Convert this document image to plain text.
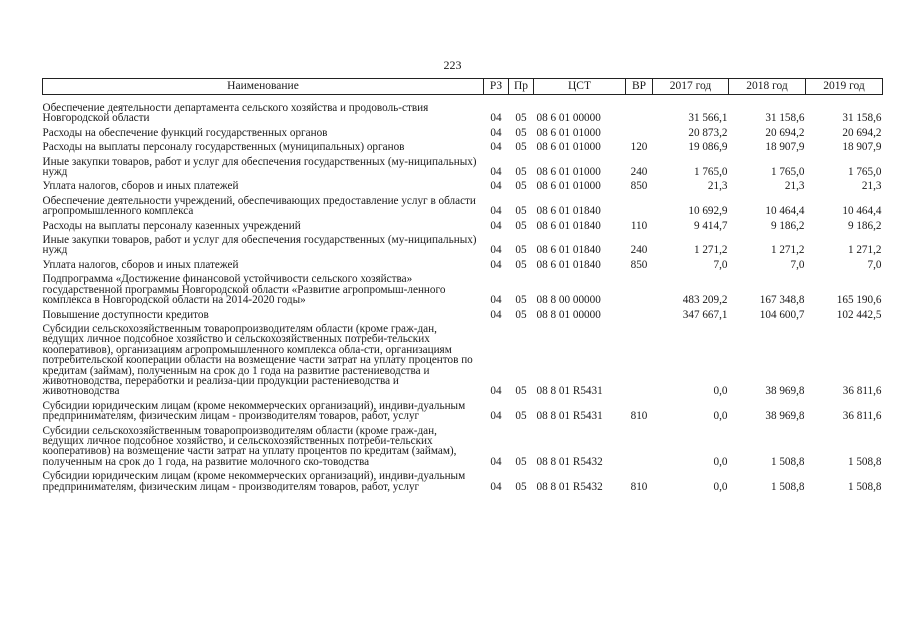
223
Наименование	РЗ	Пр	ЦСТ	ВР	2017 год	2018 год	2019 год
Обеспечение деятельности департамента сельского хозяйства и продоволь-ствия Новгородской области	04	05	08 6 01 00000		31 566,1	31 158,6	31 158,6
Расходы на обеспечение функций государственных органов	04	05	08 6 01 01000		20 873,2	20 694,2	20 694,2
Расходы на выплаты персоналу государственных (муниципальных) органов	04	05	08 6 01 01000	120	19 086,9	18 907,9	18 907,9
Иные закупки товаров, работ и услуг для обеспечения государственных (му-ниципальных) нужд	04	05	08 6 01 01000	240	1 765,0	1 765,0	1 765,0
Уплата налогов, сборов и иных платежей	04	05	08 6 01 01000	850	21,3	21,3	21,3
Обеспечение деятельности учреждений, обеспечивающих предоставление услуг в области агропромышленного комплекса	04	05	08 6 01 01840		10 692,9	10 464,4	10 464,4
Расходы на выплаты персоналу казенных учреждений	04	05	08 6 01 01840	110	9 414,7	9 186,2	9 186,2
Иные закупки товаров, работ и услуг для обеспечения государственных (му-ниципальных) нужд	04	05	08 6 01 01840	240	1 271,2	1 271,2	1 271,2
Уплата налогов, сборов и иных платежей	04	05	08 6 01 01840	850	7,0	7,0	7,0
Подпрограмма «Достижение финансовой устойчивости сельского хозяйства» государственной программы Новгородской области «Развитие агропромыш-ленного комплекса в Новгородской области на 2014-2020 годы»	04	05	08 8 00 00000		483 209,2	167 348,8	165 190,6
Повышение доступности кредитов	04	05	08 8 01 00000		347 667,1	104 600,7	102 442,5
Субсидии сельскохозяйственным товаропроизводителям области (кроме граж-дан, ведущих личное подсобное хозяйство и сельскохозяйственных потреби-тельских кооперативов), организациям агропромышленного комплекса обла-сти, организациям потребительской кооперации области на возмещение части затрат на уплату процентов по кредитам (займам), полученным на срок до 1 года на развитие растениеводства и животноводства, переработки и реализа-ции продукции растениеводства и животноводства	04	05	08 8 01 R5431		0,0	38 969,8	36 811,6
Субсидии юридическим лицам (кроме некоммерческих организаций), индиви-дуальным предпринимателям, физическим лицам - производителям товаров, работ, услуг	04	05	08 8 01 R5431	810	0,0	38 969,8	36 811,6
Субсидии сельскохозяйственным товаропроизводителям области (кроме граж-дан, ведущих личное подсобное хозяйство, и сельскохозяйственных потреби-тельских кооперативов) на возмещение части затрат на уплату процентов по кредитам (займам), полученным на срок до 1 года, на развитие молочного ско-товодства	04	05	08 8 01 R5432		0,0	1 508,8	1 508,8
Субсидии юридическим лицам (кроме некоммерческих организаций), индиви-дуальным предпринимателям, физическим лицам - производителям товаров, работ, услуг	04	05	08 8 01 R5432	810	0,0	1 508,8	1 508,8
